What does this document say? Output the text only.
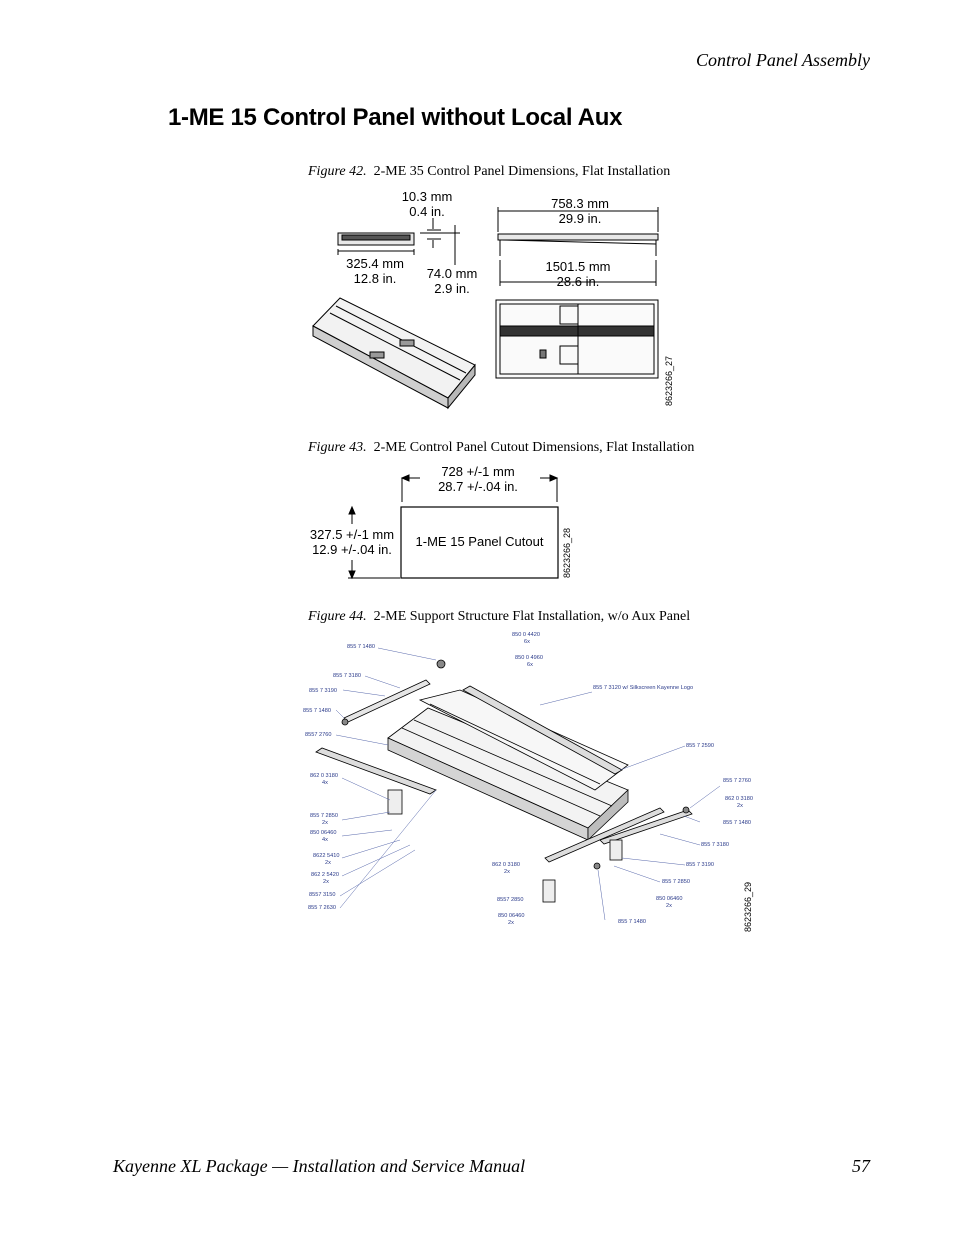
Control Panel Assembly
1-ME 15 Control Panel without Local Aux
Figure 42. 2-ME 35 Control Panel Dimensions, Flat Installation
10.3 mm
0.4 in.
325.4 mm
12.8 in.	74.0 mm
2.9 in.
758.3 mm
29.9 in.
1501.5 mm
28.6 in.
8623266_27
Figure 43. 2-ME Control Panel Cutout Dimensions, Flat Installation
728 +/-1 mm
28.7 +/-.04 in.
327.5 +/-1 mm
12.9 +/-.04 in.
1-ME 15 Panel Cutout	8623266_28
Figure 44. 2-ME Support Structure Flat Installation, w/o Aux Panel
855 7 1480
850 0 4420
6x
850 0 4960
6x
855 7 3180
855 7 3190
855 7 1480
855 7 3120 w/ Silkscreen Kayenne Logo
8557 2760
855 7 2590
862 0 3180
4x	855 7 2760
862 0 3180
2x
855 7 2850
2x	855 7 1480
850 06460
4x
855 7 3180
8622 5410
2x	862 0 3180
2x
855 7 3190
862 2 5420
2x	855 7 2850
8557 3150
8557 2850	850 06460
2x
855 7 2630
850 06460
2x	855 7 1480	8623266_29
Kayenne XL Package — Installation and Service Manual	57
